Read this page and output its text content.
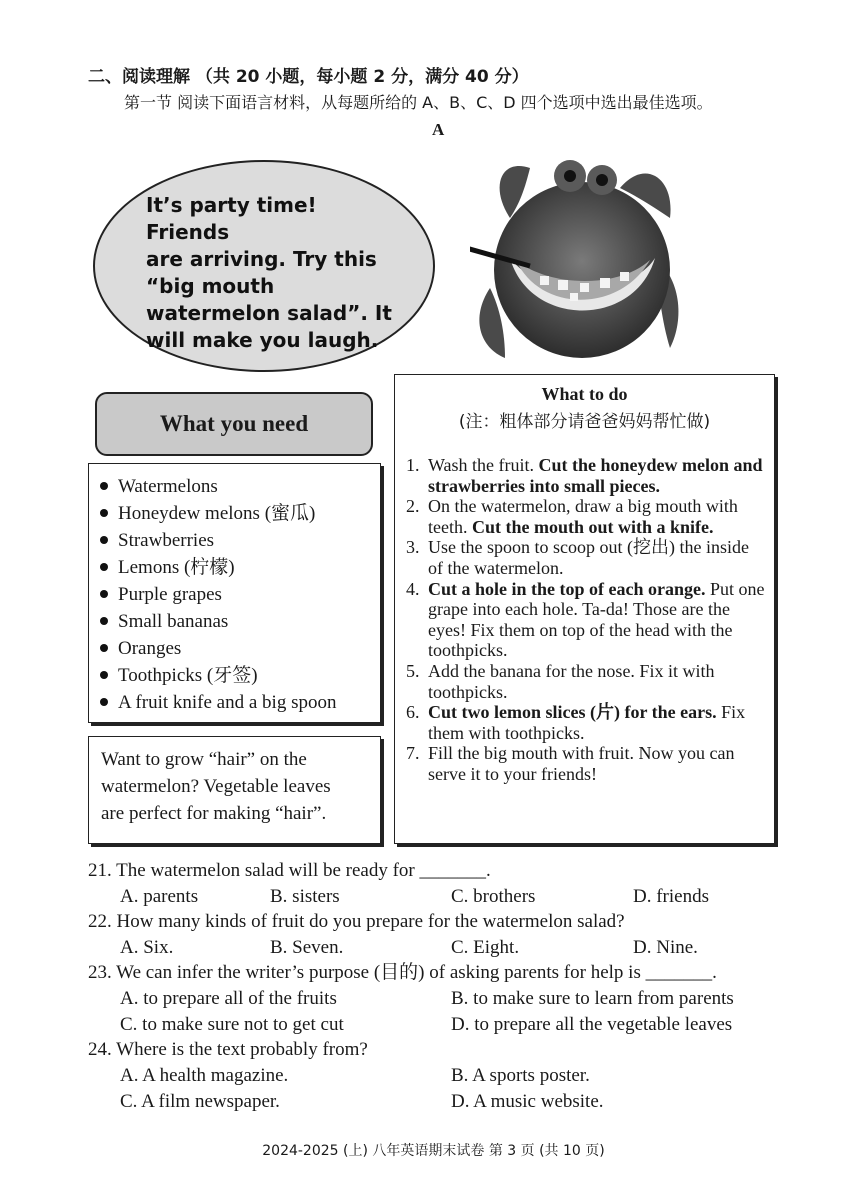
二、阅读理解 （共 20 小题，每小题 2 分，满分 40 分）
第一节 阅读下面语言材料，从每题所给的 A、B、C、D 四个选项中选出最佳选项。
A
It’s party time! Friends
are arriving. Try this
“big mouth
watermelon salad”. It
will make you laugh.
What you need
Watermelons
Honeydew melons (蜜瓜)
Strawberries
Lemons (柠檬)
Purple grapes
Small bananas
Oranges
Toothpicks (牙签)
A fruit knife and a big spoon
Want to grow “hair” on the
watermelon? Vegetable leaves
are perfect for making “hair”.
What to do
(注：粗体部分请爸爸妈妈帮忙做)
1. Wash the fruit. Cut the honeydew melon and strawberries into small pieces.
2. On the watermelon, draw a big mouth with teeth. Cut the mouth out with a knife.
3. Use the spoon to scoop out (挖出) the inside of the watermelon.
4. Cut a hole in the top of each orange. Put one grape into each hole. Ta-da! Those are the eyes! Fix them on top of the head with the toothpicks.
5. Add the banana for the nose. Fix it with toothpicks.
6. Cut two lemon slices (片) for the ears. Fix them with toothpicks.
7. Fill the big mouth with fruit. Now you can serve it to your friends!
21. The watermelon salad will be ready for _______.
A. parents	B. sisters	C. brothers	D. friends
22. How many kinds of fruit do you prepare for the watermelon salad?
A. Six.	B. Seven.	C. Eight.	D. Nine.
23. We can infer the writer’s purpose (目的) of asking parents for help is _______.
A. to prepare all of the fruits	B. to make sure to learn from parents
C. to make sure not to get cut	D. to prepare all the vegetable leaves
24. Where is the text probably from?
A. A health magazine.	B. A sports poster.
C. A film newspaper.	D. A music website.
2024-2025 (上) 八年英语期末试卷 第 3 页 (共 10 页)
